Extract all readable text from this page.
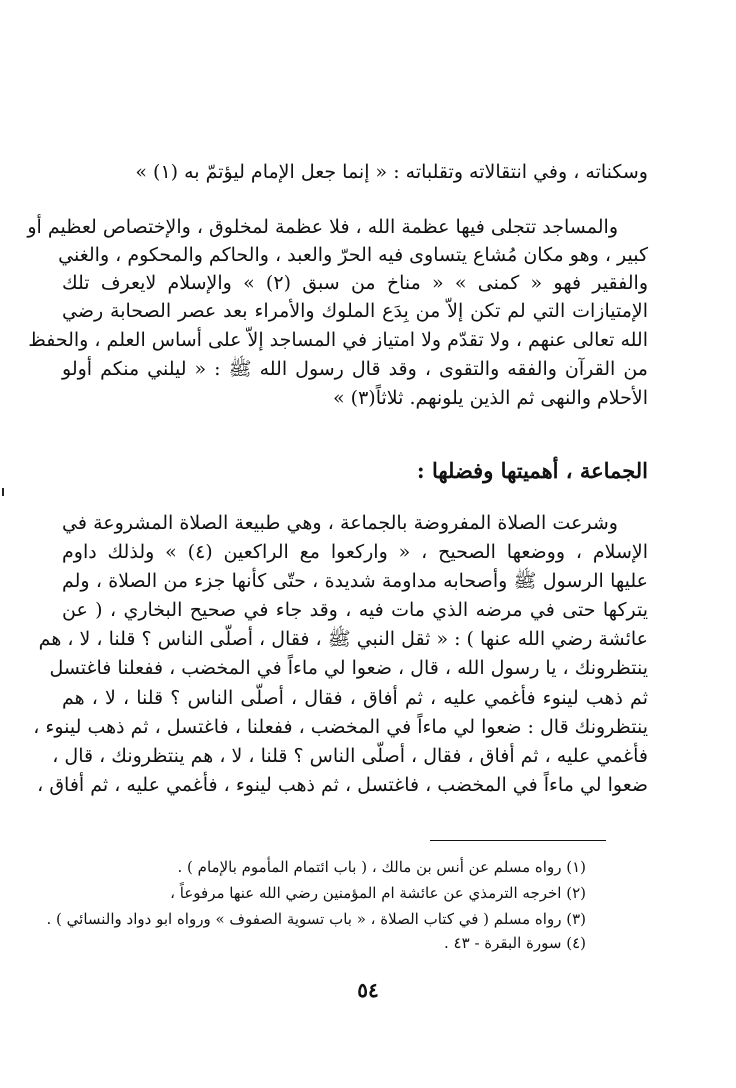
وسكناته ، وفي انتقالاته وتقلباته : « إنما جعل الإمام ليؤتمّ به (١) »
والمساجد تتجلى فيها عظمة الله ، فلا عظمة لمخلوق ، والإختصاص لعظيم أو
كبير ، وهو مكان مُشاع يتساوى فيه الحرّ والعبد ، والحاكم والمحكوم ، والغني
والفقير فهو « كمنى » « مناخ من سبق (٢) » والإسلام لايعرف تلك
الإمتيازات التي لم تكن إلاّ من بِدَع الملوك والأمراء بعد عصر الصحابة رضي
الله تعالى عنهم ، ولا تقدّم ولا امتياز في المساجد إلاّ على أساس العلم ، والحفظ
من القرآن والفقه والتقوى ، وقد قال رسول الله ﷺ : « ليلني منكم أولو
الأحلام والنهى ثم الذين يلونهم. ثلاثاً(٣) »
الجماعة ، أهميتها وفضلها :
وشرعت الصلاة المفروضة بالجماعة ، وهي طبيعة الصلاة المشروعة في
الإسلام ، ووضعها الصحيح ، « واركعوا مع الراكعين (٤) » ولذلك داوم
عليها الرسول ﷺ وأصحابه مداومة شديدة ، حتّى كأنها جزء من الصلاة ، ولم
يتركها حتى في مرضه الذي مات فيه ، وقد جاء في صحيح البخاري ، ( عن
عائشة رضي الله عنها ) : « ثقل النبي ﷺ ، فقال ، أصلّى الناس ؟ قلنا ، لا ، هم
ينتظرونك ، يا رسول الله ، قال ، ضعوا لي ماءاً في المخضب ، ففعلنا فاغتسل
ثم ذهب لينوء فأغمي عليه ، ثم أفاق ، فقال ، أصلّى الناس ؟ قلنا ، لا ، هم
ينتظرونك قال : ضعوا لي ماءاً في المخضب ، ففعلنا ، فاغتسل ، ثم ذهب لينوء ،
فأغمي عليه ، ثم أفاق ، فقال ، أصلّى الناس ؟ قلنا ، لا ، هم ينتظرونك ، قال ،
ضعوا لي ماءاً في المخضب ، فاغتسل ، ثم ذهب لينوء ، فأغمي عليه ، ثم أفاق ،
(١) رواه مسلم عن أنس بن مالك ، ( باب ائتمام المأموم بالإمام ) .
(٢) اخرجه الترمذي عن عائشة ام المؤمنين رضي الله عنها مرفوعاً ،
(٣) رواه مسلم ( في كتاب الصلاة ، « باب تسوية الصفوف » ورواه ابو دواد والنسائي ) .
(٤) سورة البقرة - ٤٣ .
٥٤
